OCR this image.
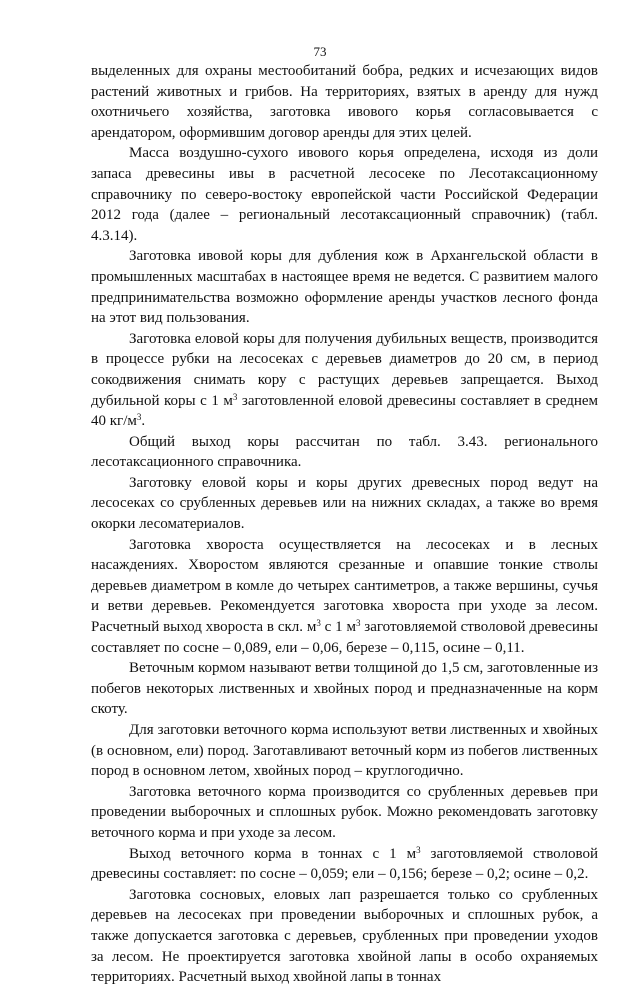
73

выделенных для охраны местообитаний бобра, редких и исчезающих видов растений животных и грибов. На территориях, взятых в аренду для нужд охотничьего хозяйства, заготовка ивового корья согласовывается с арендатором, оформившим договор аренды для этих целей.

Масса воздушно-сухого ивового корья определена, исходя из доли запаса древесины ивы в расчетной лесосеке по Лесотаксационному справочнику по северо-востоку европейской части Российской Федерации 2012 года (далее – региональный лесотаксационный справочник) (табл. 4.3.14).

Заготовка ивовой коры для дубления кож в Архангельской области в промышленных масштабах в настоящее время не ведется. С развитием малого предпринимательства возможно оформление аренды участков лесного фонда на этот вид пользования.

Заготовка еловой коры для получения дубильных веществ, производится в процессе рубки на лесосеках с деревьев диаметров до 20 см, в период сокодвижения снимать кору с растущих деревьев запрещается. Выход дубильной коры с 1 $м^3$ заготовленной еловой древесины составляет в среднем 40 $кг/м^3$.

Общий выход коры рассчитан по табл. 3.43. регионального лесотаксационного справочника.

Заготовку еловой коры и коры других древесных пород ведут на лесосеках со срубленных деревьев или на нижних складах, а также во время окорки лесоматериалов.

Заготовка хвороста осуществляется на лесосеках и в лесных насаждениях. Хворостом являются срезанные и опавшие тонкие стволы деревьев диаметром в комле до четырех сантиметров, а также вершины, сучья и ветви деревьев. Рекомендуется заготовка хвороста при уходе за лесом. Расчетный выход хвороста в скл. $м^3$ с 1 $м^3$ заготовляемой стволовой древесины составляет по сосне – 0,089, ели – 0,06, березе – 0,115, осине – 0,11.

Веточным кормом называют ветви толщиной до 1,5 см, заготовленные из побегов некоторых лиственных и хвойных пород и предназначенные на корм скоту.

Для заготовки веточного корма используют ветви лиственных и хвойных (в основном, ели) пород. Заготавливают веточный корм из побегов лиственных пород в основном летом, хвойных пород – круглогодично.

Заготовка веточного корма производится со срубленных деревьев при проведении выборочных и сплошных рубок. Можно рекомендовать заготовку веточного корма и при уходе за лесом.

Выход веточного корма в тоннах с 1 $м^3$ заготовляемой стволовой древесины составляет: по сосне – 0,059; ели – 0,156; березе – 0,2; осине – 0,2.

Заготовка сосновых, еловых лап разрешается только со срубленных деревьев на лесосеках при проведении выборочных и сплошных рубок, а также допускается заготовка с деревьев, срубленных при проведении уходов за лесом. Не проектируется заготовка хвойной лапы в особо охраняемых территориях. Расчетный выход хвойной лапы в тоннах
